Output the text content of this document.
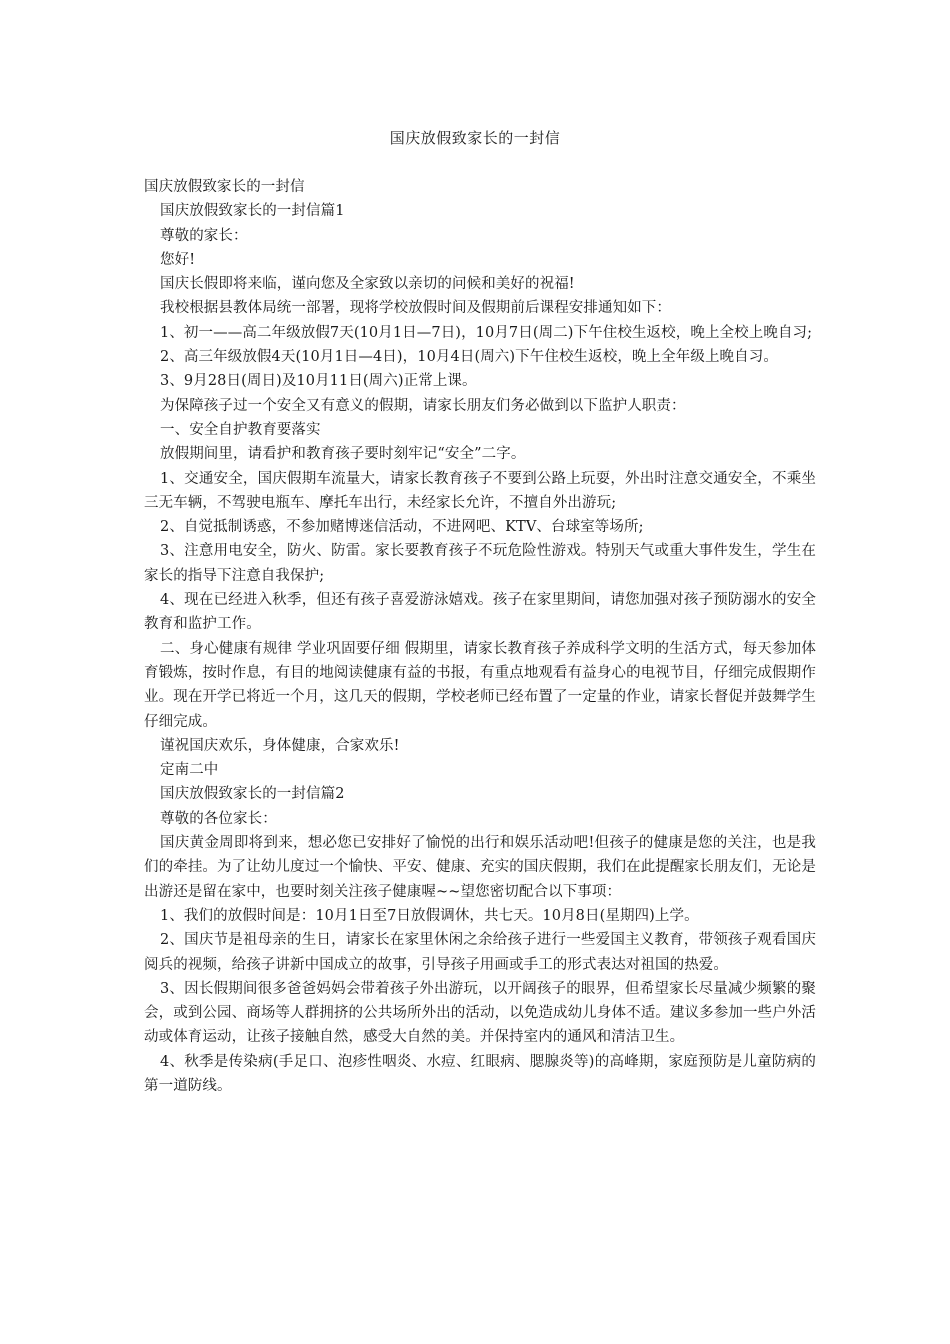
国庆放假致家长的一封信

国庆放假致家长的一封信

国庆放假致家长的一封信篇1

尊敬的家长：

您好!

国庆长假即将来临，谨向您及全家致以亲切的问候和美好的祝福!

我校根据县教体局统一部署，现将学校放假时间及假期前后课程安排通知如下：

1、初一——高二年级放假7天(10月1日—7日)，10月7日(周二)下午住校生返校，晚上全校上晚自习;

2、高三年级放假4天(10月1日—4日)，10月4日(周六)下午住校生返校，晚上全年级上晚自习。

3、9月28日(周日)及10月11日(周六)正常上课。

为保障孩子过一个安全又有意义的假期，请家长朋友们务必做到以下监护人职责：

一、安全自护教育要落实

放假期间里，请看护和教育孩子要时刻牢记“安全”二字。

1、交通安全，国庆假期车流量大，请家长教育孩子不要到公路上玩耍，外出时注意交通安全，不乘坐三无车辆，不驾驶电瓶车、摩托车出行，未经家长允许，不擅自外出游玩;

2、自觉抵制诱惑，不参加赌博迷信活动，不进网吧、KTV、台球室等场所;

3、注意用电安全，防火、防雷。家长要教育孩子不玩危险性游戏。特别天气或重大事件发生，学生在家长的指导下注意自我保护;

4、现在已经进入秋季，但还有孩子喜爱游泳嬉戏。孩子在家里期间，请您加强对孩子预防溺水的安全教育和监护工作。

二、身心健康有规律 学业巩固要仔细 假期里，请家长教育孩子养成科学文明的生活方式，每天参加体育锻炼，按时作息，有目的地阅读健康有益的书报，有重点地观看有益身心的电视节目，仔细完成假期作业。现在开学已将近一个月，这几天的假期，学校老师已经布置了一定量的作业，请家长督促并鼓舞学生仔细完成。

谨祝国庆欢乐，身体健康，合家欢乐!

定南二中

国庆放假致家长的一封信篇2

尊敬的各位家长：

国庆黄金周即将到来，想必您已安排好了愉悦的出行和娱乐活动吧!但孩子的健康是您的关注，也是我们的牵挂。为了让幼儿度过一个愉快、平安、健康、充实的国庆假期，我们在此提醒家长朋友们，无论是出游还是留在家中，也要时刻关注孩子健康喔~~望您密切配合以下事项：

1、我们的放假时间是：10月1日至7日放假调休，共七天。10月8日(星期四)上学。

2、国庆节是祖母亲的生日，请家长在家里休闲之余给孩子进行一些爱国主义教育，带领孩子观看国庆阅兵的视频，给孩子讲新中国成立的故事，引导孩子用画或手工的形式表达对祖国的热爱。

3、因长假期间很多爸爸妈妈会带着孩子外出游玩，以开阔孩子的眼界，但希望家长尽量减少频繁的聚会，或到公园、商场等人群拥挤的公共场所外出的活动，以免造成幼儿身体不适。建议多参加一些户外活动或体育运动，让孩子接触自然，感受大自然的美。并保持室内的通风和清洁卫生。

4、秋季是传染病(手足口、泡疹性咽炎、水痘、红眼病、腮腺炎等)的高峰期，家庭预防是儿童防病的第一道防线。
